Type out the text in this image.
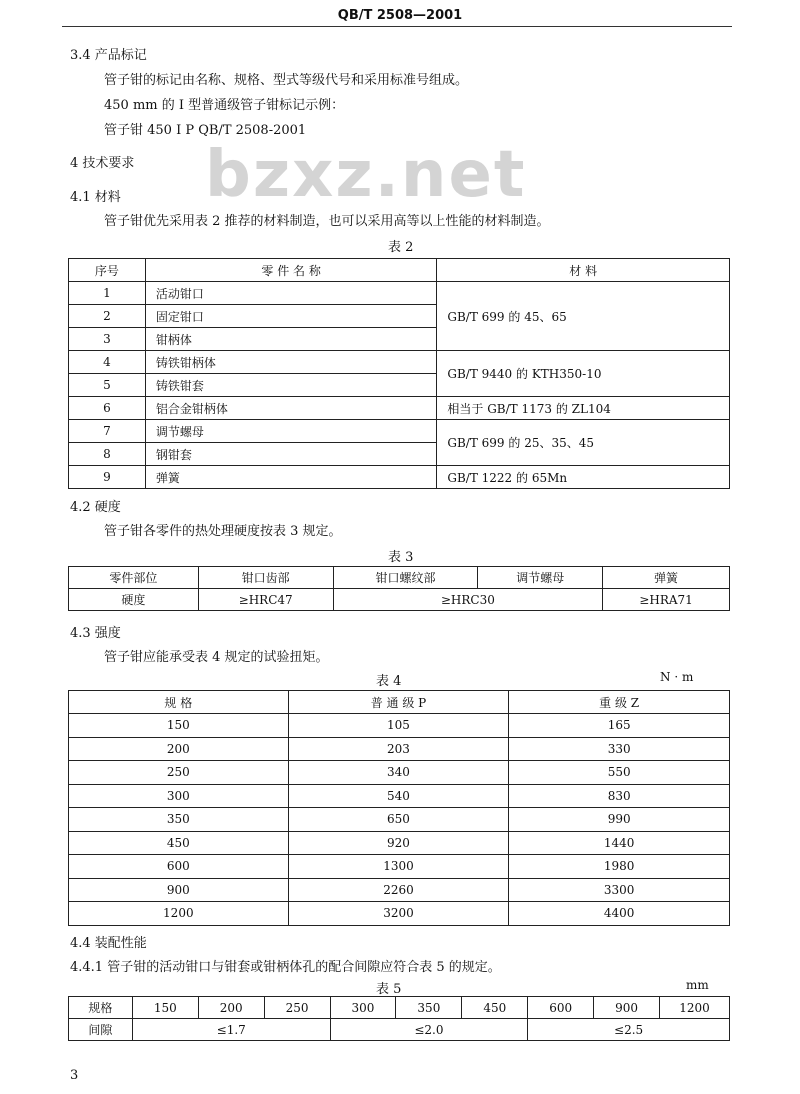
QB/T 2508—2001
bzxz.net
3.4 产品标记
管子钳的标记由名称、规格、型式等级代号和采用标准号组成。
450 mm 的 I 型普通级管子钳标记示例：
管子钳 450 I P QB/T 2508-2001
4 技术要求
4.1 材料
管子钳优先采用表 2 推荐的材料制造，也可以采用高等以上性能的材料制造。
表 2
序号	零 件 名 称	材 料
1	活动钳口	GB/T 699 的 45、65
2	固定钳口	
3	钳柄体	
4	铸铁钳柄体	GB/T 9440 的 KTH350-10
5	铸铁钳套	
6	铝合金钳柄体	相当于 GB/T 1173 的 ZL104
7	调节螺母	GB/T 699 的 25、35、45
8	钢钳套	
9	弹簧	GB/T 1222 的 65Mn
4.2 硬度
管子钳各零件的热处理硬度按表 3 规定。
表 3
零件部位	钳口齿部	钳口螺纹部	调节螺母	弹簧
硬度	≥HRC47	≥HRC30		≥HRA71
4.3 强度
管子钳应能承受表 4 规定的试验扭矩。
表 4	N · m
规 格	普 通 级 P	重 级 Z
150	105	165
200	203	330
250	340	550
300	540	830
350	650	990
450	920	1440
600	1300	1980
900	2260	3300
1200	3200	4400
4.4 装配性能
4.4.1 管子钳的活动钳口与钳套或钳柄体孔的配合间隙应符合表 5 的规定。
表 5	mm
规格	150	200	250	300	350	450	600	900	1200
间隙	≤1.7			≤2.0			≤2.5		
3
